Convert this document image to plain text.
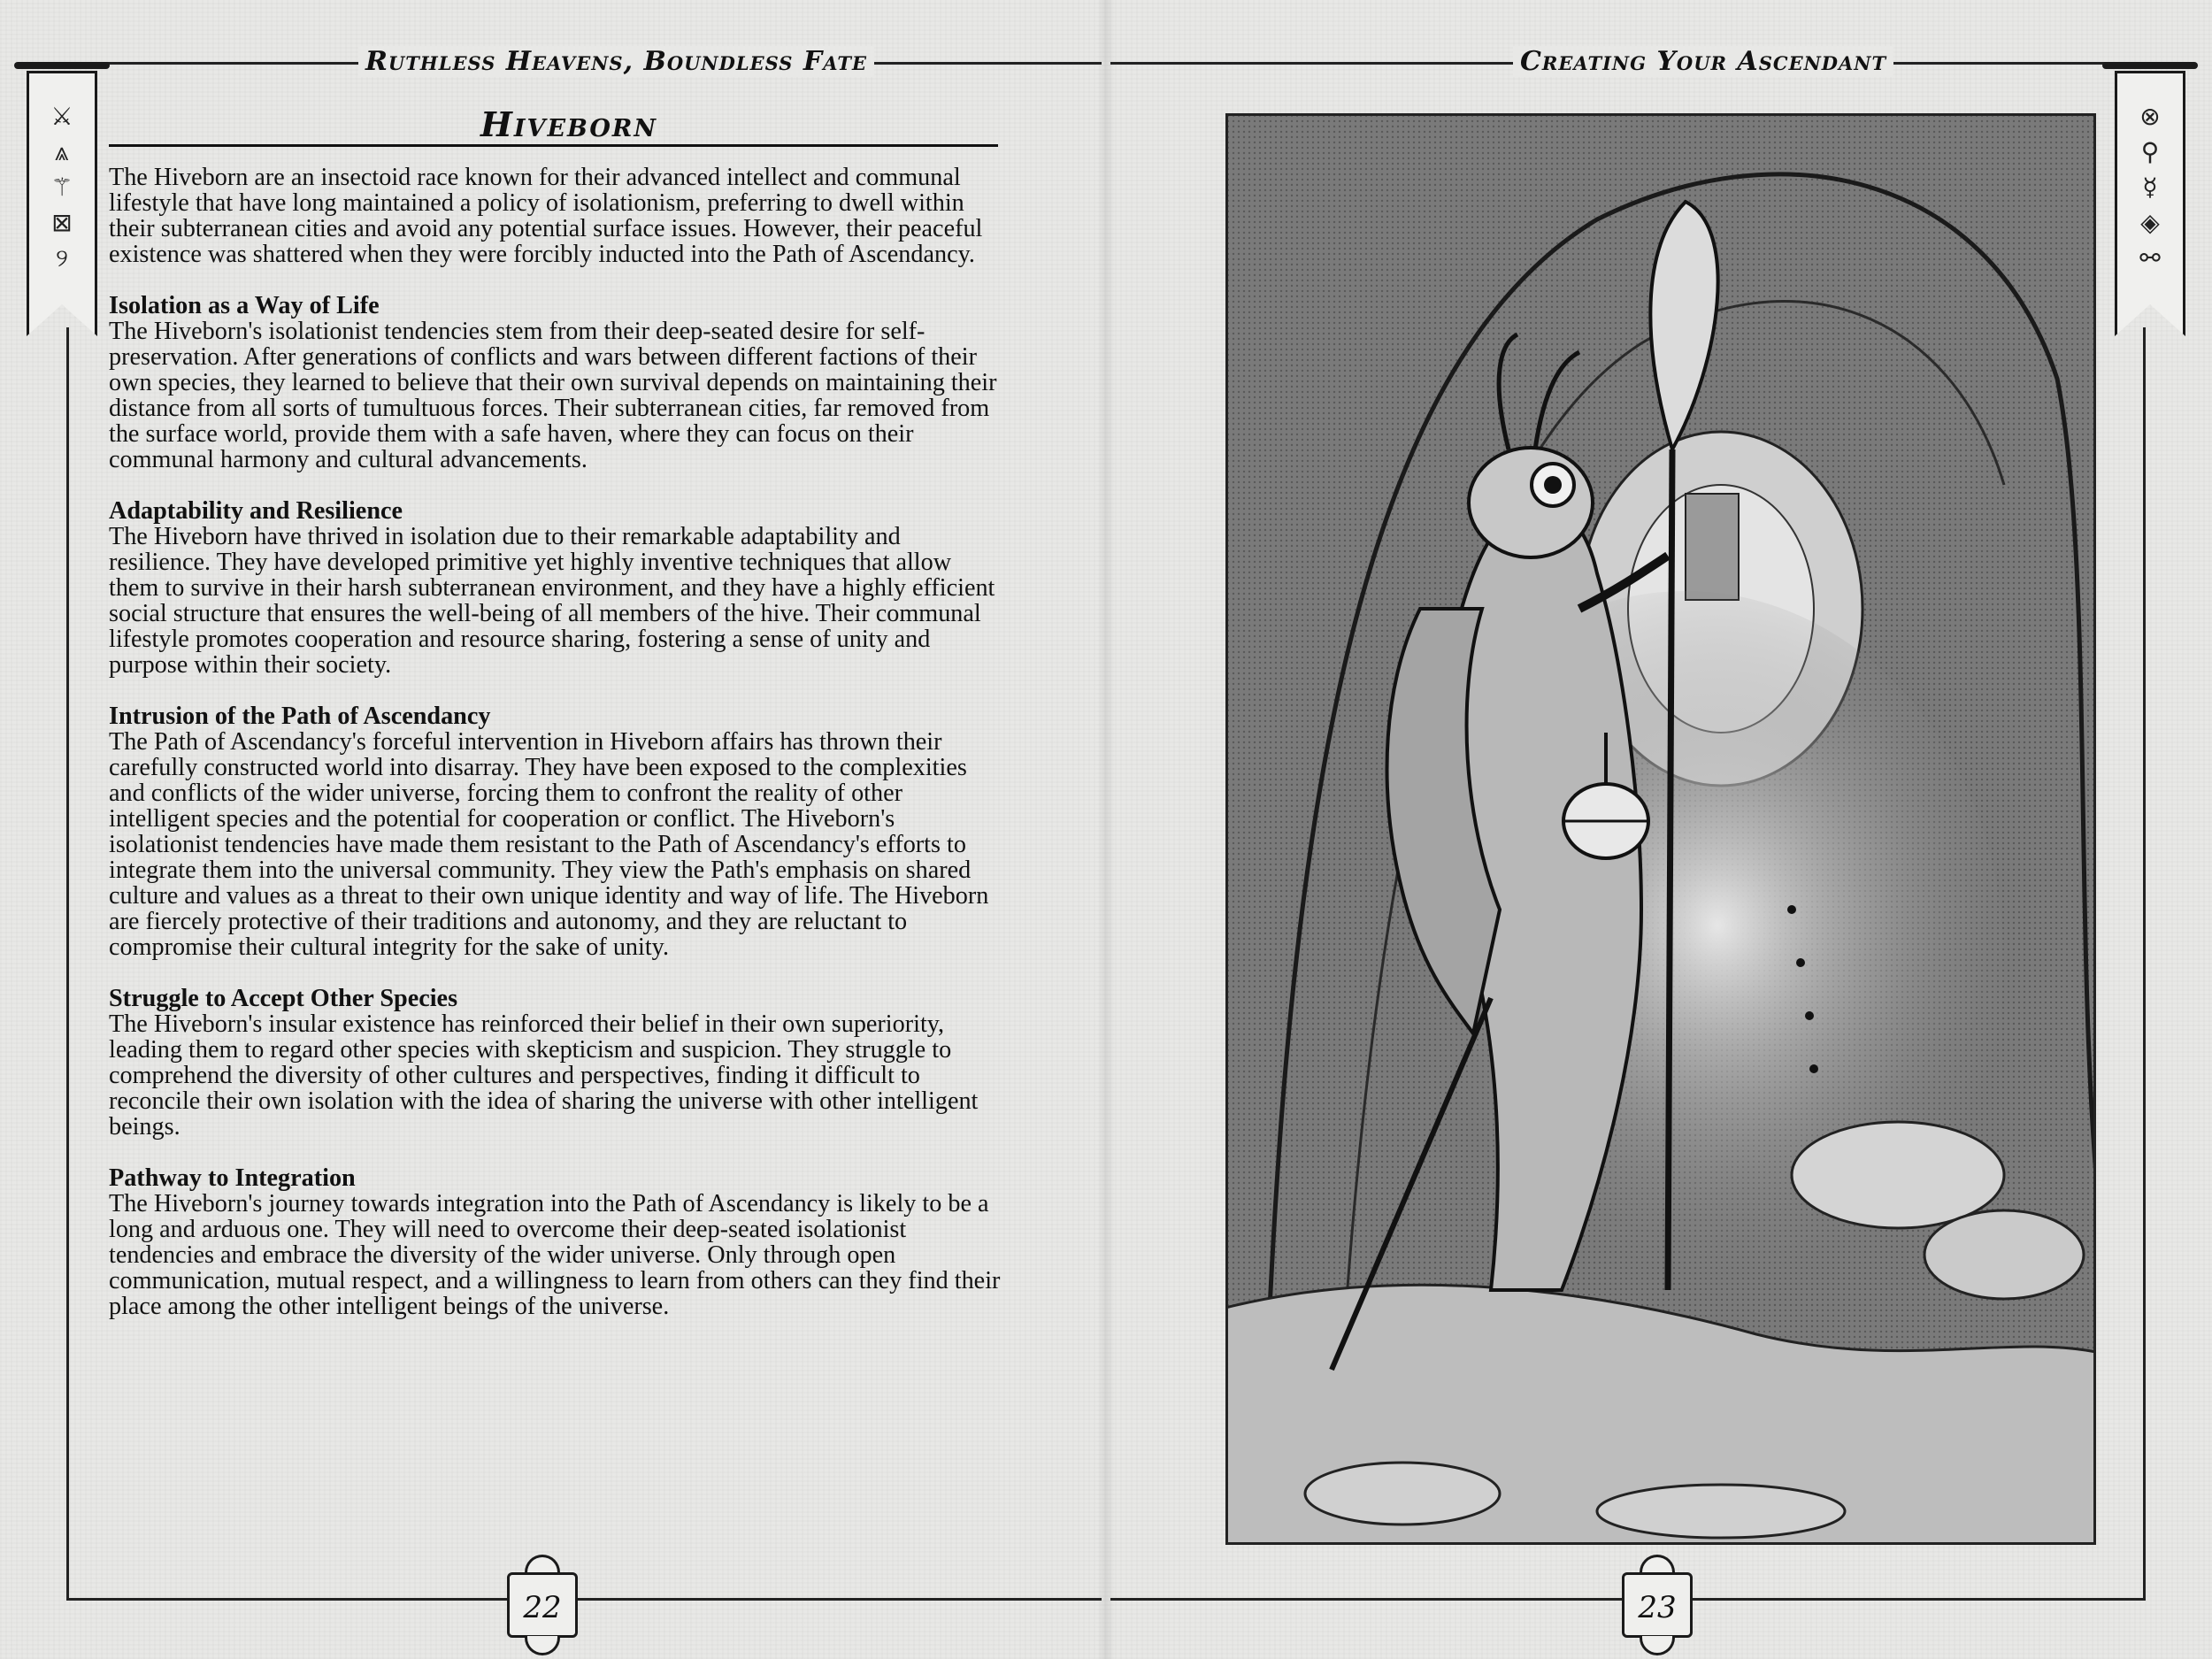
Ruthless Heavens, Boundless Fate	Creating Your Ascendant
⚔
⩓
⚚
⊠
୨
⊗
⚲
☿
◈
⚯
Hiveborn

The Hiveborn are an insectoid race known for their advanced intellect and communal lifestyle that have long maintained a policy of isolationism, preferring to dwell within their subterranean cities and avoid any potential surface issues. However, their peaceful existence was shattered when they were forcibly inducted into the Path of Ascendancy.

Isolation as a Way of Life

The Hiveborn's isolationist tendencies stem from their deep-seated desire for self-preservation. After generations of conflicts and wars between different factions of their own species, they learned to believe that their own survival depends on maintaining their distance from all sorts of tumultuous forces. Their subterranean cities, far removed from the surface world, provide them with a safe haven, where they can focus on their communal harmony and cultural advancements.

Adaptability and Resilience

The Hiveborn have thrived in isolation due to their remarkable adaptability and resilience. They have developed primitive yet highly inventive techniques that allow them to survive in their harsh subterranean environment, and they have a highly efficient social structure that ensures the well-being of all members of the hive. Their communal lifestyle promotes cooperation and resource sharing, fostering a sense of unity and purpose within their society.

Intrusion of the Path of Ascendancy

The Path of Ascendancy's forceful intervention in Hiveborn affairs has thrown their carefully constructed world into disarray. They have been exposed to the complexities and conflicts of the wider universe, forcing them to confront the reality of other intelligent species and the potential for cooperation or conflict. The Hiveborn's isolationist tendencies have made them resistant to the Path of Ascendancy's efforts to integrate them into the universal community. They view the Path's emphasis on shared culture and values as a threat to their own unique identity and way of life. The Hiveborn are fiercely protective of their traditions and autonomy, and they are reluctant to compromise their cultural integrity for the sake of unity.

Struggle to Accept Other Species

The Hiveborn's insular existence has reinforced their belief in their own superiority, leading them to regard other species with skepticism and suspicion. They struggle to comprehend the diversity of other cultures and perspectives, finding it difficult to reconcile their own isolation with the idea of sharing the universe with other intelligent beings.

Pathway to Integration

The Hiveborn's journey towards integration into the Path of Ascendancy is likely to be a long and arduous one. They will need to overcome their deep-seated isolationist tendencies and embrace the diversity of the wider universe. Only through open communication, mutual respect, and a willingness to learn from others can they find their place among the other intelligent beings of the universe.

22	23
